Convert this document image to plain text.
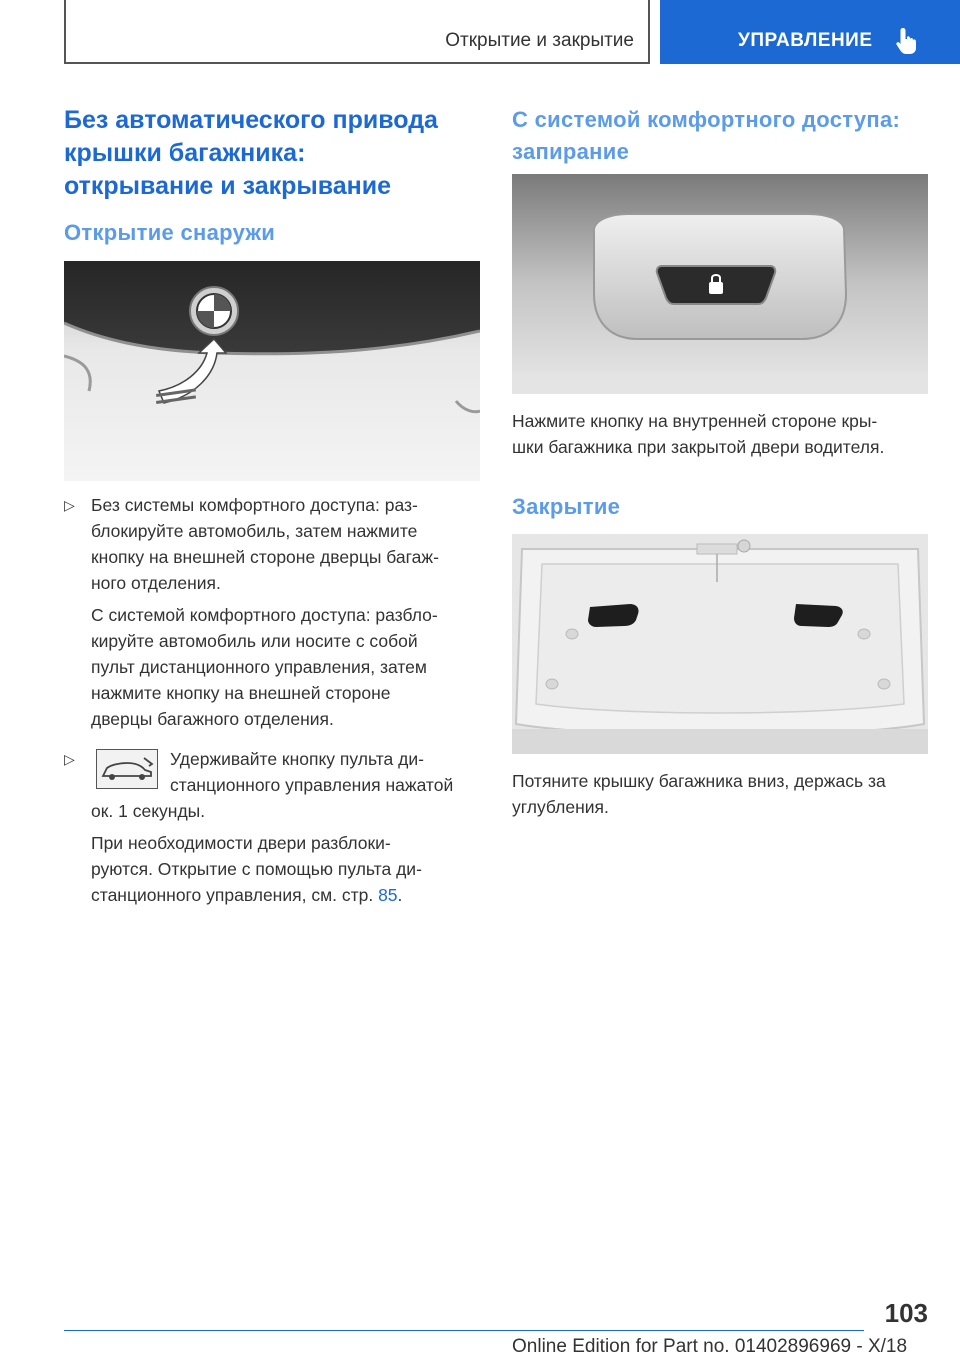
Открытие и закрытие	УПРАВЛЕНИЕ
Без автоматического привода
крышки багажника:
открывание и закрывание
Открытие снаружи
▷ Без системы комфортного доступа: раз-
блокируйте автомобиль, затем нажмите
кнопку на внешней стороне дверцы багаж-
ного отделения.
С системой комфортного доступа: разбло-
кируйте автомобиль или носите с собой
пульт дистанционного управления, затем
нажмите кнопку на внешней стороне
дверцы багажного отделения.
▷	Удерживайте кнопку пульта ди-
станционного управления нажатой
ок. 1 секунды.
При необходимости двери разблоки-
руются. Открытие с помощью пульта ди-
станционного управления, см. стр. 85.
С системой комфортного доступа:
запирание
Нажмите кнопку на внутренней стороне кры-
шки багажника при закрытой двери водителя.
Закрытие
Потяните крышку багажника вниз, держась за
углубления.
103
Online Edition for Part no. 01402896969 - X/18
